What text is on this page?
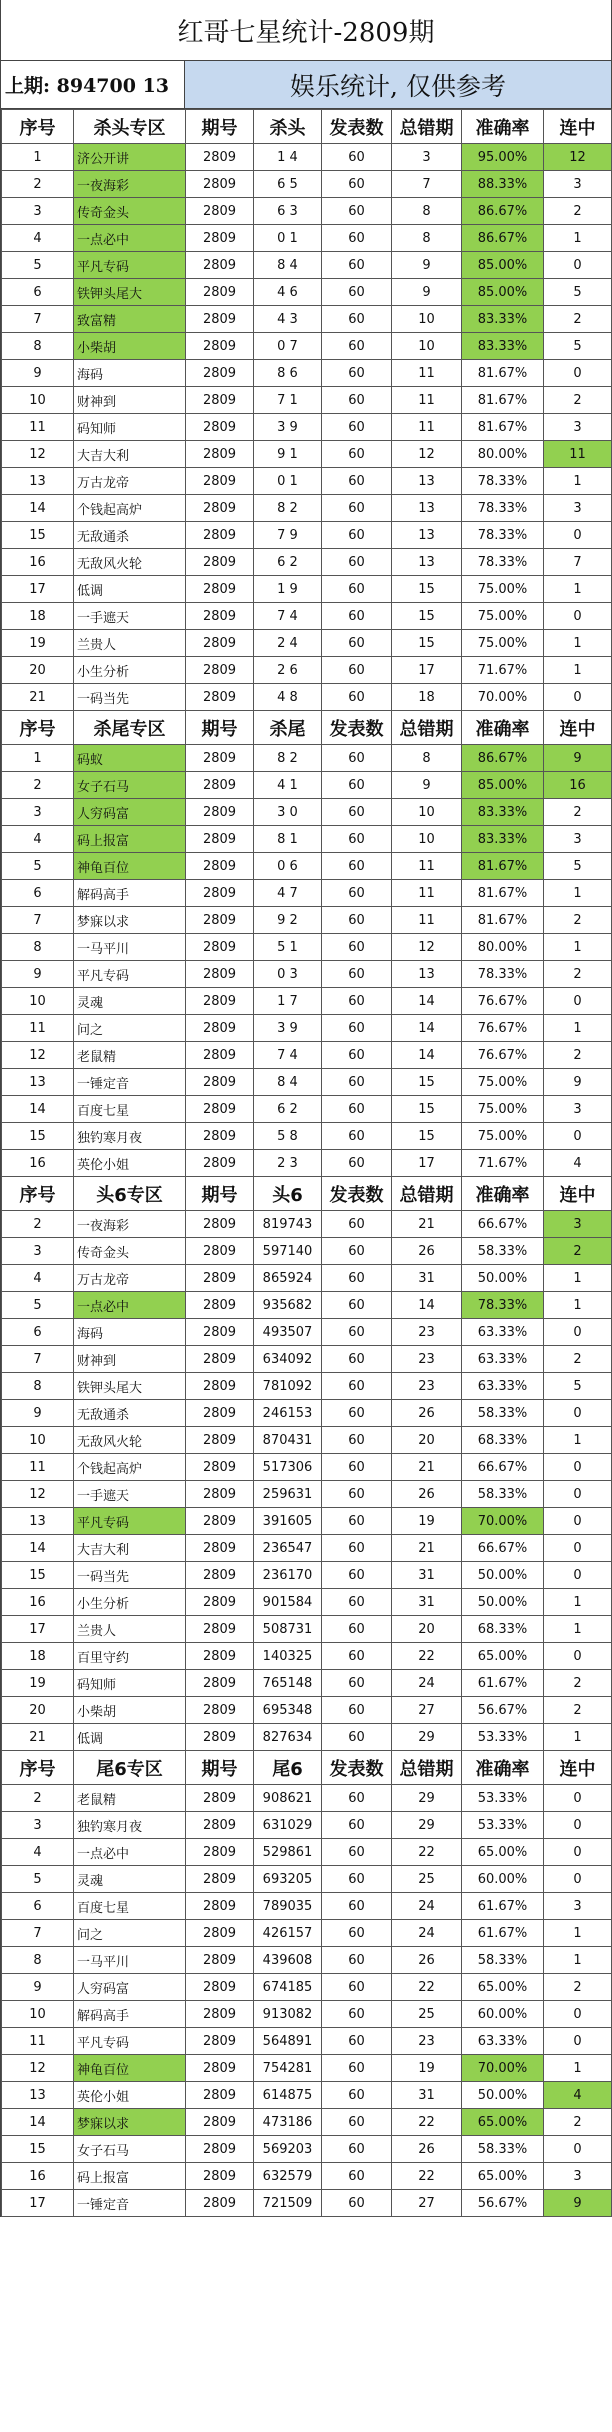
红哥七星统计-2809期
上期: 894700 13	娱乐统计, 仅供参考
序号	杀头专区	期号	杀头	发表数	总错期	准确率	连中
1	济公开讲	2809	1 4	60	3	95.00%	12
2	一夜海彩	2809	6 5	60	7	88.33%	3
3	传奇金头	2809	6 3	60	8	86.67%	2
4	一点必中	2809	0 1	60	8	86.67%	1
5	平凡专码	2809	8 4	60	9	85.00%	0
6	铁钾头尾大	2809	4 6	60	9	85.00%	5
7	致富精	2809	4 3	60	10	83.33%	2
8	小柴胡	2809	0 7	60	10	83.33%	5
9	海码	2809	8 6	60	11	81.67%	0
10	财神到	2809	7 1	60	11	81.67%	2
11	码知师	2809	3 9	60	11	81.67%	3
12	大吉大利	2809	9 1	60	12	80.00%	11
13	万古龙帝	2809	0 1	60	13	78.33%	1
14	个钱起高炉	2809	8 2	60	13	78.33%	3
15	无敌通杀	2809	7 9	60	13	78.33%	0
16	无敌风火轮	2809	6 2	60	13	78.33%	7
17	低调	2809	1 9	60	15	75.00%	1
18	一手遮天	2809	7 4	60	15	75.00%	0
19	兰贵人	2809	2 4	60	15	75.00%	1
20	小生分析	2809	2 6	60	17	71.67%	1
21	一码当先	2809	4 8	60	18	70.00%	0
序号	杀尾专区	期号	杀尾	发表数	总错期	准确率	连中
1	码蚁	2809	8 2	60	8	86.67%	9
2	女子石马	2809	4 1	60	9	85.00%	16
3	人穷码富	2809	3 0	60	10	83.33%	2
4	码上报富	2809	8 1	60	10	83.33%	3
5	神龟百位	2809	0 6	60	11	81.67%	5
6	解码高手	2809	4 7	60	11	81.67%	1
7	梦寐以求	2809	9 2	60	11	81.67%	2
8	一马平川	2809	5 1	60	12	80.00%	1
9	平凡专码	2809	0 3	60	13	78.33%	2
10	灵魂	2809	1 7	60	14	76.67%	0
11	问之	2809	3 9	60	14	76.67%	1
12	老鼠精	2809	7 4	60	14	76.67%	2
13	一锤定音	2809	8 4	60	15	75.00%	9
14	百度七星	2809	6 2	60	15	75.00%	3
15	独钓寒月夜	2809	5 8	60	15	75.00%	0
16	英伦小姐	2809	2 3	60	17	71.67%	4
序号	头6专区	期号	头6	发表数	总错期	准确率	连中
2	一夜海彩	2809	819743	60	21	66.67%	3
3	传奇金头	2809	597140	60	26	58.33%	2
4	万古龙帝	2809	865924	60	31	50.00%	1
5	一点必中	2809	935682	60	14	78.33%	1
6	海码	2809	493507	60	23	63.33%	0
7	财神到	2809	634092	60	23	63.33%	2
8	铁钾头尾大	2809	781092	60	23	63.33%	5
9	无敌通杀	2809	246153	60	26	58.33%	0
10	无敌风火轮	2809	870431	60	20	68.33%	1
11	个钱起高炉	2809	517306	60	21	66.67%	0
12	一手遮天	2809	259631	60	26	58.33%	0
13	平凡专码	2809	391605	60	19	70.00%	0
14	大吉大利	2809	236547	60	21	66.67%	0
15	一码当先	2809	236170	60	31	50.00%	0
16	小生分析	2809	901584	60	31	50.00%	1
17	兰贵人	2809	508731	60	20	68.33%	1
18	百里守约	2809	140325	60	22	65.00%	0
19	码知师	2809	765148	60	24	61.67%	2
20	小柴胡	2809	695348	60	27	56.67%	2
21	低调	2809	827634	60	29	53.33%	1
序号	尾6专区	期号	尾6	发表数	总错期	准确率	连中
2	老鼠精	2809	908621	60	29	53.33%	0
3	独钓寒月夜	2809	631029	60	29	53.33%	0
4	一点必中	2809	529861	60	22	65.00%	0
5	灵魂	2809	693205	60	25	60.00%	0
6	百度七星	2809	789035	60	24	61.67%	3
7	问之	2809	426157	60	24	61.67%	1
8	一马平川	2809	439608	60	26	58.33%	1
9	人穷码富	2809	674185	60	22	65.00%	2
10	解码高手	2809	913082	60	25	60.00%	0
11	平凡专码	2809	564891	60	23	63.33%	0
12	神龟百位	2809	754281	60	19	70.00%	1
13	英伦小姐	2809	614875	60	31	50.00%	4
14	梦寐以求	2809	473186	60	22	65.00%	2
15	女子石马	2809	569203	60	26	58.33%	0
16	码上报富	2809	632579	60	22	65.00%	3
17	一锤定音	2809	721509	60	27	56.67%	9
